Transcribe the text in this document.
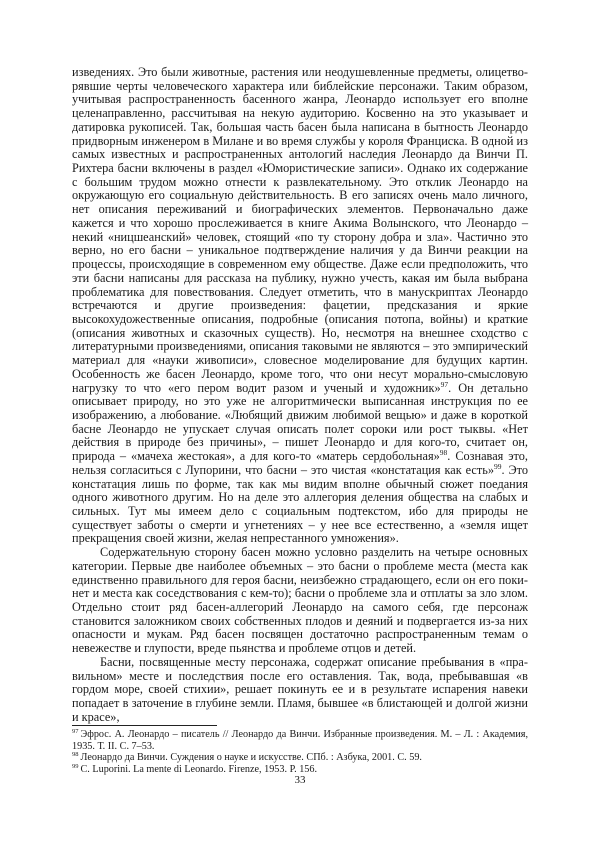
изведениях. Это были животные, растения или неодушевленные предметы, олицетворявшие черты человеческого характера или библейские персонажи. Таким образом, учитывая распространенность басенного жанра, Леонардо использует его вполне целенаправленно, рассчитывая на некую аудиторию. Косвенно на это указывает и датировка рукописей. Так, большая часть басен была написана в бытность Леонардо придворным инженером в Милане и во время службы у короля Франциска. В одной из самых известных и распространенных антологий наследия Леонардо да Винчи П. Рихтера басни включены в раздел «Юмористические записи». Однако их содержание с большим трудом можно отнести к развлекательному. Это отклик Леонардо на окружающую его социальную действительность. В его записях очень мало личного, нет описания переживаний и биографических элементов. Первоначально даже кажется и что хорошо прослеживается в книге Акима Волынского, что Леонардо – некий «ницшеанский» человек, стоящий «по ту сторону добра и зла». Частично это верно, но его басни – уникальное подтверждение наличия у да Винчи реакции на процессы, происходящие в современном ему обществе. Даже если предположить, что эти басни написаны для рассказа на публику, нужно учесть, какая им была выбрана проблематика для повествования. Следует отметить, что в манускриптах Леонардо встречаются и другие произведения: фацетии, предсказания и яркие высокохудожественные описания, подробные (описания потопа, войны) и краткие (описания животных и сказочных существ). Но, несмотря на внешнее сходство с литературными произведениями, описания таковыми не являются – это эмпирический материал для «науки живописи», словесное моделирование для будущих картин. Особенность же басен Леонардо, кроме того, что они несут морально-смысловую нагрузку то что «его пером водит разом и ученый и художник»$^{97}$. Он детально описывает природу, но это уже не алгоритмически выписанная инструкция по ее изображению, а любование. «Любящий движим любимой вещью» и даже в короткой басне Леонардо не упускает случая описать полет сороки или рост тыквы. «Нет действия в природе без причины», – пишет Леонардо и для кого-то, считает он, природа – «мачеха жестокая», а для кого-то «матерь сердобольная»$^{98}$. Сознавая это, нельзя согласиться с Лупорини, что басни – это чистая «констатация как есть»$^{99}$. Это констатация лишь по форме, так как мы видим вполне обычный сюжет поедания одного животного другим. Но на деле это аллегория деления общества на слабых и сильных. Тут мы имеем дело с социальным подтекстом, ибо для природы не существует заботы о смерти и угнетениях – у нее все естественно, а «земля ищет прекращения своей жизни, желая непрестанного умножения».

Содержательную сторону басен можно условно разделить на четыре основных категории. Первые две наиболее объемных – это басни о проблеме места (места как единственно правильного для героя басни, неизбежно страдающего, если он его покинет и места как соседствования с кем-то); басни о проблеме зла и отплаты за зло злом. Отдельно стоит ряд басен-аллегорий Леонардо на самого себя, где персонаж становится заложником своих собственных плодов и деяний и подвергается из-за них опасности и мукам. Ряд басен посвящен достаточно распространенным темам о невежестве и глупости, вреде пьянства и проблеме отцов и детей.

Басни, посвященные месту персонажа, содержат описание пребывания в «правильном» месте и последствия после его оставления. Так, вода, пребывавшая «в гордом море, своей стихии», решает покинуть ее и в результате испарения навеки попадает в заточение в глубине земли. Пламя, бывшее «в блистающей и долгой жизни и красе»,

$^{97}$ Эфрос. А. Леонардо – писатель // Леонардо да Винчи. Избранные произведения. М. – Л. : Академия, 1935. Т. II. С. 7–53.

$^{98}$ Леонардо да Винчи. Суждения о науке и искусстве. СПб. : Азбука, 2001. С. 59.

$^{99}$ C. Luporini. La mente di Leonardo. Firenze, 1953. P. 156.

33
